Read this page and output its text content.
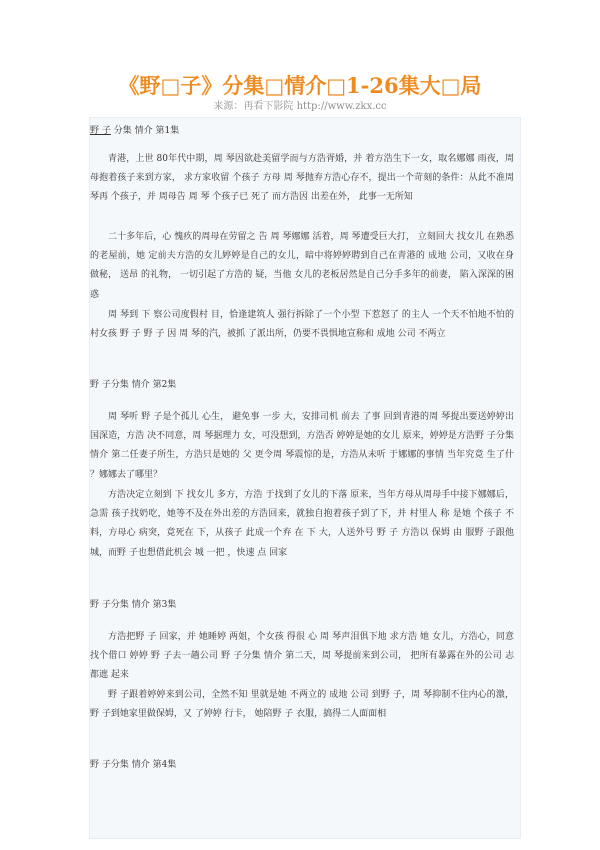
《野□子》分集□情介□1-26集大□局
来源：再看下影院 http://www.zkx.cc
野 子 分集 情介 第1集

青港，上世 80年代中期，周 琴因欲赴美留学而与方浩胥婚，并 着方浩生下一女，取名娜娜 雨夜，周母抱着孩子来到方家， 求方家收留 个孩子 方母 周 琴抛弃方浩心存不，提出一个苛刻的条件：从此不准周 琴再 个孩子，并 周母告 周 琴 个孩子已 死了 而方浩因 出差在外， 此事一无所知

二十多年后，心 愧疚的周母在劳留之 告 周 琴娜娜 活着，周 琴遭受巨大打， 立刻回大 找女儿 在熟悉的老屋前，她 定前夫方浩的女儿婷婷是自己的女儿，暗中将婷婷聘到自己在青港的 成地 公司，又收在身 做秘， 送昂 的礼物， 一切引起了方浩的 疑，当他 女儿的老板居然是自己分手多年的前妻， 陷入深深的困惑

周 琴到 下 察公司度假村 目，恰逢建筑人 强行拆除了一个小型 下惹怒了 的主人 一个天不怕地不怕的 村女孩 野 子 野 子 因 周 琴的汽，被抓 了派出所，仍要不畏惧地宣称和 成地 公司 不两立

野 子分集 情介 第2集

周 琴听 野 子是个孤儿 心生， 避免事 一步 大，安排司机 前去 了事 回到青港的周 琴提出要送婷婷出国深造，方浩 决不同意，周 琴据理力 女，可没想到，方浩否 婷婷是她的女儿 原来，婷婷是方浩野 子分集 情介 第二任妻子所生，方浩只是她的 父 更令周 琴震惊的是，方浩从未听 于娜娜的事情 当年究竟 生了什 ？娜娜去了哪里？

方浩决定立刻到 下 找女儿 多方，方浩 于找到了女儿的下落 原来，当年方母从周母手中接下娜娜后，急需 孩子找奶吃，她等不及在外出差的方浩回来，就独自抱着孩子到了下，并 村里人 称 是她 个孩子 不料，方母心 病突，竟死在 下，从孩子 此成一个弃 在 下 大，人送外号 野 子 方浩以 保姆 由 服野 子跟他 城，而野 子也想借此机会 城 一把 ，快速 点 回家

野 子分集 情介 第3集

方浩把野 子 回家，并 她睡婷 两姐，个女孩 得很 心 周 琴声泪俱下地 求方浩 她 女儿，方浩心，同意找个借口 婷婷 野 子去一趟公司 野 子分集 情介 第二天，周 琴提前来到公司， 把所有暴露在外的公司 志都遮 起来

野 子跟着婷婷来到公司，全然不知 里就是她 不两立的 成地 公司 到野 子，周 琴抑制不住内心的激， 野 子到她家里做保姆，又 了婷婷 行卡， 她陪野 子 衣服，搞得二人面面相

野 子分集 情介 第4集
